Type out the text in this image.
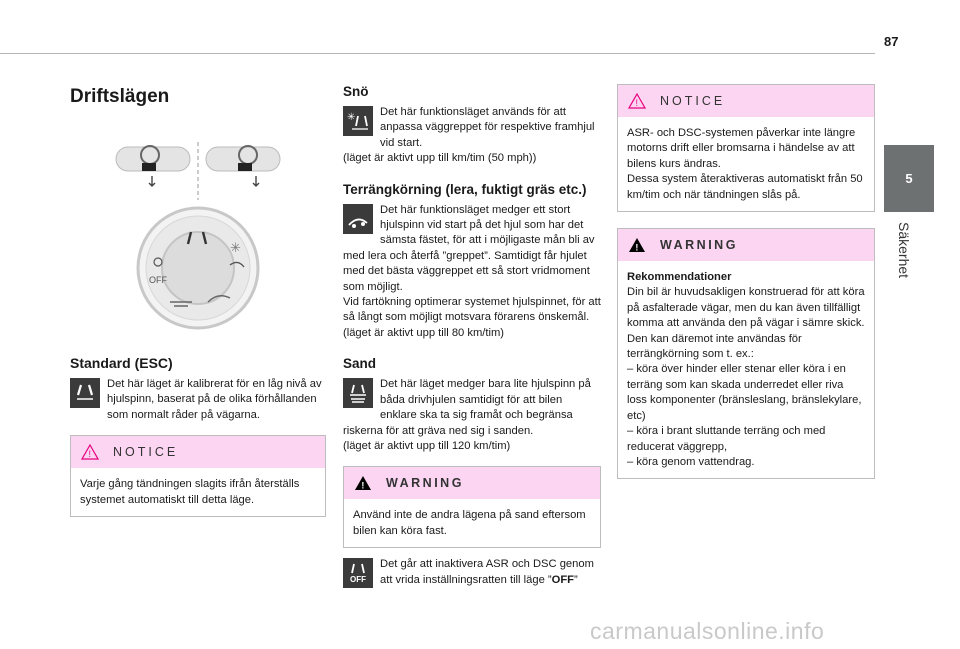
87
5
Säkerhet
Driftslägen
OFF
✳
Standard (ESC)

Det här läget är kalibrerat för en låg nivå av hjulspinn, baserat på de olika förhållanden som normalt råder på vägarna.

! NOTICE

Varje gång tändningen slagits ifrån återställs systemet automatiskt till detta läge.

Snö
✳	Det här funktionsläget används för att anpassa väggreppet för respektive framhjul vid start.

(läget är aktivt upp till km/tim (50 mph))

Terrängkörning (lera, fuktigt gräs etc.)

Det här funktionsläget medger ett stort hjulspinn vid start på det hjul som har det sämsta fästet, för att i möjligaste mån bli av med lera och återfå ”greppet”. Samtidigt får hjulet med det bästa väggreppet ett så stort vridmoment som möjligt.

Vid fartökning optimerar systemet hjulspinnet, för att så långt som möjligt motsvara förarens önskemål.

(läget är aktivt upp till 80 km/tim)

Sand

Det här läget medger bara lite hjulspinn på båda drivhjulen samtidigt för att bilen enklare ska ta sig framåt och begränsa riskerna för att gräva ned sig i sanden.

(läget är aktivt upp till 120 km/tim)

! WARNING

Använd inte de andra lägena på sand eftersom bilen kan köra fast.

OFF

Det går att inaktivera ASR och DSC genom att vrida inställningsratten till läge ”OFF”

! NOTICE

ASR- och DSC-systemen påverkar inte längre motorns drift eller bromsarna i händelse av att bilens kurs ändras.

Dessa system återaktiveras automatiskt från 50 km/tim och när tändningen slås på.

! WARNING

Rekommendationer

Din bil är huvudsakligen konstruerad för att köra på asfalterade vägar, men du kan även tillfälligt komma att använda den på vägar i sämre skick.

Den kan däremot inte användas för terrängkörning som t. ex.:

– köra över hinder eller stenar eller köra i en terräng som kan skada underredet eller riva loss komponenter (bränsleslang, bränslekylare, etc)

– köra i brant sluttande terräng och med reducerat väggrepp,

– köra genom vattendrag.

carmanualsonline.info
